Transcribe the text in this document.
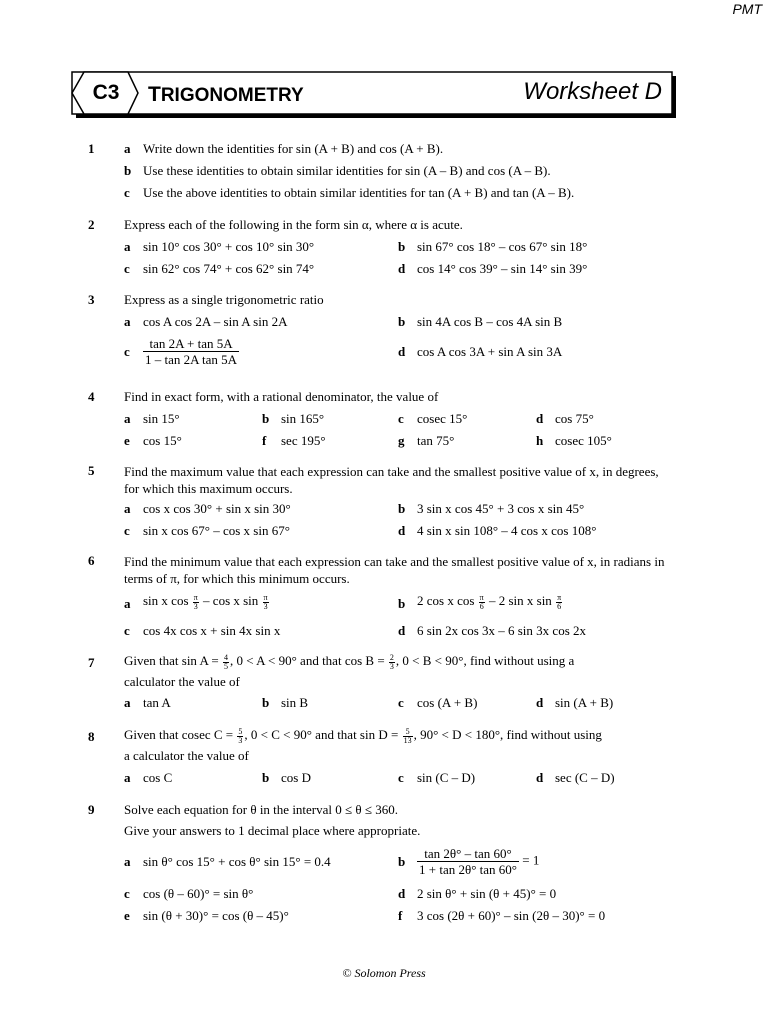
PMT
C3	TRIGONOMETRY	Worksheet D
1 a Write down the identities for sin (A + B) and cos (A + B).
b Use these identities to obtain similar identities for sin (A – B) and cos (A – B).
c Use the above identities to obtain similar identities for tan (A + B) and tan (A – B).
2 Express each of the following in the form sin α, where α is acute.
a sin 10° cos 30° + cos 10° sin 30°	b sin 67° cos 18° – cos 67° sin 18°
c sin 62° cos 74° + cos 62° sin 74°	d cos 14° cos 39° – sin 14° sin 39°
3 Express as a single trigonometric ratio
a cos A cos 2A – sin A sin 2A	b sin 4A cos B – cos 4A sin B
c $\frac{\tan 2A + \tan 5A}{\text{1 – tan 2A tan 5A}}$	d cos A cos 3A + sin A sin 3A
4 Find in exact form, with a rational denominator, the value of
a sin 15°	b sin 165°	c cosec 15°	d cos 75°
e cos 15°	f sec 195°	g tan 75°	h cosec 105°
5 Find the maximum value that each expression can take and the smallest positive value of x, in degrees, for which this maximum occurs.
a cos x cos 30° + sin x sin 30°	b 3 sin x cos 45° + 3 cos x sin 45°
c sin x cos 67° – cos x sin 67°	d 4 sin x sin 108° – 4 cos x cos 108°
6 Find the minimum value that each expression can take and the smallest positive value of x, in radians in terms of π, for which this minimum occurs.
a sin x $\cos \frac{\pi}{3}$ – cos x $\sin \frac{\pi}{3}$	b 2 cos x $\cos \frac{\pi}{6} - 2$ sin x $\sin \frac{\pi}{6}$
c cos 4x cos x + sin 4x sin x	d 6 sin 2x cos 3x – 6 sin 3x cos 2x
7 Given that $\sin A = \frac{4}{5}$ , 0 < A < 90° and that $\cos B = \frac{2}{3}$ , 0 < B < 90°, find without using a
calculator the value of
a tan A	b sin B	c cos (A + B)	d sin (A + B)
8 Given that cosec $C = \frac{5}{3}$ , 0 < C < 90° and that $\sin D = \frac{5}{13}$ , 90° < D < 180°, find without using
a calculator the value of
a cos C	b cos D	c sin (C – D)	d sec (C – D)
9 Solve each equation for θ in the interval 0 ≤ θ ≤ 360.
Give your answers to 1 decimal place where appropriate.
a sin θ° cos 15° + cos θ° sin 15° = 0.4	b $\frac{\tan 2\theta^\circ - \tan 60^\circ}{1 + \tan 2\theta^\circ \tan 60^\circ} = 1$
c cos (θ – 60)° = sin θ°	d 2 sin θ° + sin (θ + 45)° = 0
e sin (θ + 30)° = cos (θ – 45)°	f 3 cos (2θ + 60)° – sin (2θ – 30)° = 0
© Solomon Press
